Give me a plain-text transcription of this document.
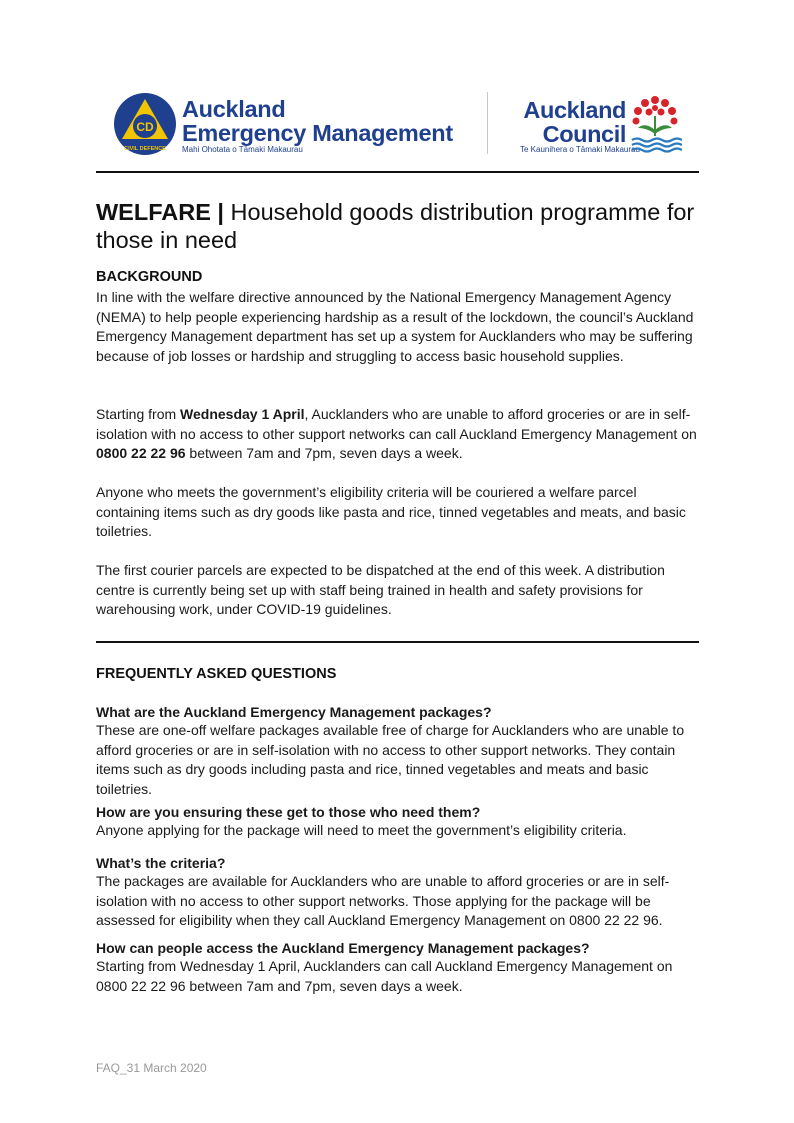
CD
CIVIL DEFENCE
Auckland
Emergency Management
Mahi Ohotata o Tāmaki Makaurau
Auckland
Council
Te Kaunihera o Tāmaki Makaurau
WELFARE | Household goods distribution programme for those in need
BACKGROUND
In line with the welfare directive announced by the National Emergency Management Agency (NEMA) to help people experiencing hardship as a result of the lockdown, the council’s Auckland Emergency Management department has set up a system for Aucklanders who may be suffering because of job losses or hardship and struggling to access basic household supplies.
Starting from Wednesday 1 April, Aucklanders who are unable to afford groceries or are in self-isolation with no access to other support networks can call Auckland Emergency Management on 0800 22 22 96 between 7am and 7pm, seven days a week.
Anyone who meets the government’s eligibility criteria will be couriered a welfare parcel containing items such as dry goods like pasta and rice, tinned vegetables and meats, and basic toiletries.
The first courier parcels are expected to be dispatched at the end of this week. A distribution centre is currently being set up with staff being trained in health and safety provisions for warehousing work, under COVID-19 guidelines.
FREQUENTLY ASKED QUESTIONS
What are the Auckland Emergency Management packages?
These are one-off welfare packages available free of charge for Aucklanders who are unable to afford groceries or are in self-isolation with no access to other support networks. They contain items such as dry goods including pasta and rice, tinned vegetables and meats and basic toiletries.
How are you ensuring these get to those who need them?
Anyone applying for the package will need to meet the government’s eligibility criteria.
What’s the criteria?
The packages are available for Aucklanders who are unable to afford groceries or are in self-isolation with no access to other support networks. Those applying for the package will be assessed for eligibility when they call Auckland Emergency Management on 0800 22 22 96.
How can people access the Auckland Emergency Management packages?
Starting from Wednesday 1 April, Aucklanders can call Auckland Emergency Management on 0800 22 22 96 between 7am and 7pm, seven days a week.
FAQ_31 March 2020
